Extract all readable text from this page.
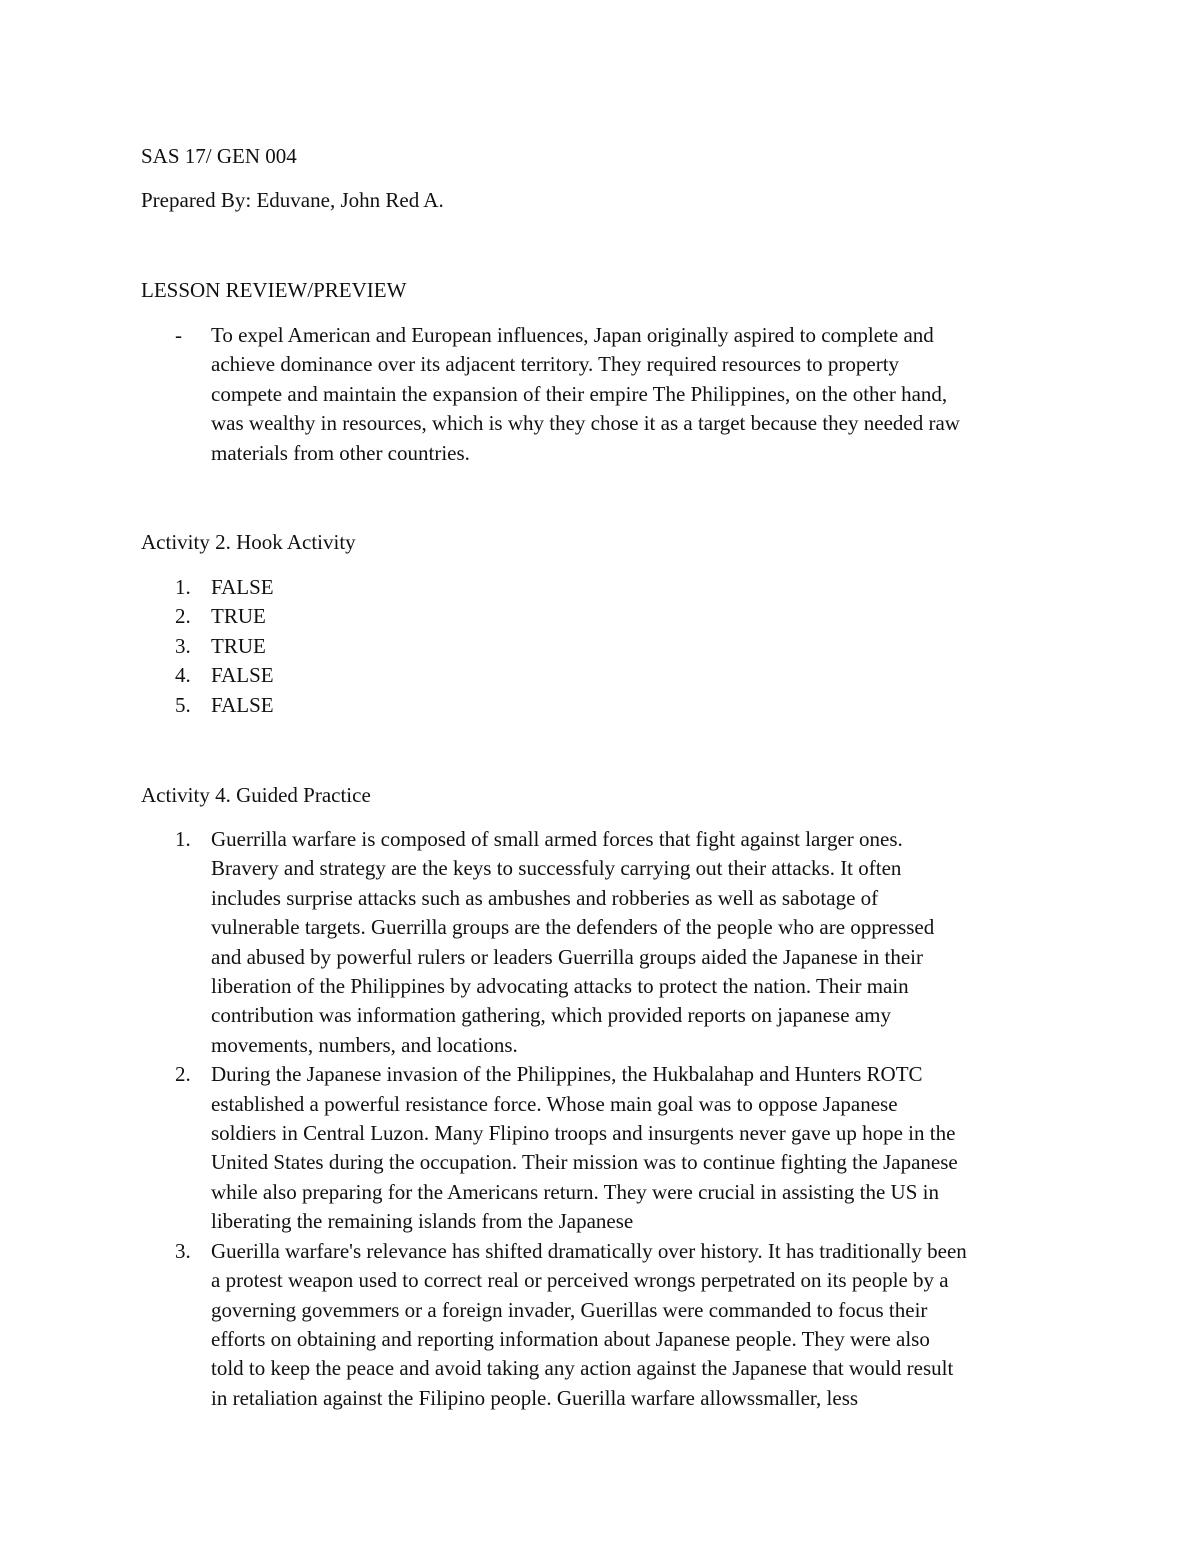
SAS 17/ GEN 004

Prepared By: Eduvane, John Red A.

LESSON REVIEW/PREVIEW

-	To expel American and European influences, Japan originally aspired to complete and
achieve dominance over its adjacent territory. They required resources to property
compete and maintain the expansion of their empire The Philippines, on the other hand,
was wealthy in resources, which is why they chose it as a target because they needed raw
materials from other countries.

Activity 2. Hook Activity

1. FALSE
2. TRUE
3. TRUE
4. FALSE
5. FALSE

Activity 4. Guided Practice

1. Guerrilla warfare is composed of small armed forces that fight against larger ones.
Bravery and strategy are the keys to successfuly carrying out their attacks. It often
includes surprise attacks such as ambushes and robberies as well as sabotage of
vulnerable targets. Guerrilla groups are the defenders of the people who are oppressed
and abused by powerful rulers or leaders Guerrilla groups aided the Japanese in their
liberation of the Philippines by advocating attacks to protect the nation. Their main
contribution was information gathering, which provided reports on japanese amy
movements, numbers, and locations.
2. During the Japanese invasion of the Philippines, the Hukbalahap and Hunters ROTC
established a powerful resistance force. Whose main goal was to oppose Japanese
soldiers in Central Luzon. Many Flipino troops and insurgents never gave up hope in the
United States during the occupation. Their mission was to continue fighting the Japanese
while also preparing for the Americans return. They were crucial in assisting the US in
liberating the remaining islands from the Japanese
3. Guerilla warfare's relevance has shifted dramatically over history. It has traditionally been
a protest weapon used to correct real or perceived wrongs perpetrated on its people by a
governing govemmers or a foreign invader, Guerillas were commanded to focus their
efforts on obtaining and reporting information about Japanese people. They were also
told to keep the peace and avoid taking any action against the Japanese that would result
in retaliation against the Filipino people. Guerilla warfare allowssmaller, less
